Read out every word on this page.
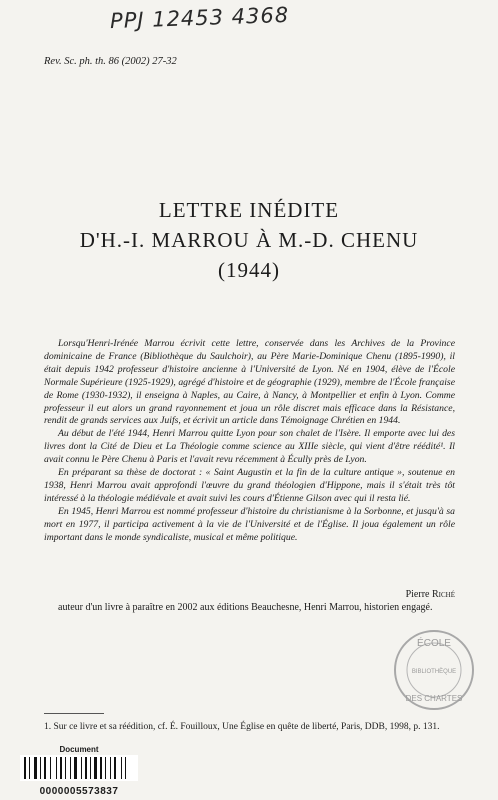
PPJ 12453 4368
Rev. Sc. ph. th. 86 (2002) 27-32
LETTRE INÉDITE
D'H.-I. MARROU À M.-D. CHENU
(1944)

Lorsqu'Henri-Irénée Marrou écrivit cette lettre, conservée dans les Archives de la Province dominicaine de France (Bibliothèque du Saulchoir), au Père Marie-Dominique Chenu (1895-1990), il était depuis 1942 professeur d'histoire ancienne à l'Université de Lyon. Né en 1904, élève de l'École Normale Supérieure (1925-1929), agrégé d'histoire et de géographie (1929), membre de l'École française de Rome (1930-1932), il enseigna à Naples, au Caire, à Nancy, à Montpellier et enfin à Lyon. Comme professeur il eut alors un grand rayonnement et joua un rôle discret mais efficace dans la Résistance, rendit de grands services aux Juifs, et écrivit un article dans Témoignage Chrétien en 1944.

Au début de l'été 1944, Henri Marrou quitte Lyon pour son chalet de l'Isère. Il emporte avec lui des livres dont la Cité de Dieu et La Théologie comme science au XIIIe siècle, qui vient d'être réédité¹. Il avait connu le Père Chenu à Paris et l'avait revu récemment à Écully près de Lyon.

En préparant sa thèse de doctorat : « Saint Augustin et la fin de la culture antique », soutenue en 1938, Henri Marrou avait approfondi l'œuvre du grand théologien d'Hippone, mais il s'était très tôt intéressé à la théologie médiévale et avait suivi les cours d'Étienne Gilson avec qui il resta lié.

En 1945, Henri Marrou est nommé professeur d'histoire du christianisme à la Sorbonne, et jusqu'à sa mort en 1977, il participa activement à la vie de l'Université et de l'Église. Il joua également un rôle important dans le monde syndicaliste, musical et même politique.

Pierre Riché
auteur d'un livre à paraître en 2002 aux éditions Beauchesne, Henri Marrou, historien engagé.
ÉCOLE
BIBLIOTHÈQUE
DES CHARTES
1. Sur ce livre et sa réédition, cf. É. Fouilloux, Une Église en quête de liberté, Paris, DDB, 1998, p. 131.
Document
0000005573837
